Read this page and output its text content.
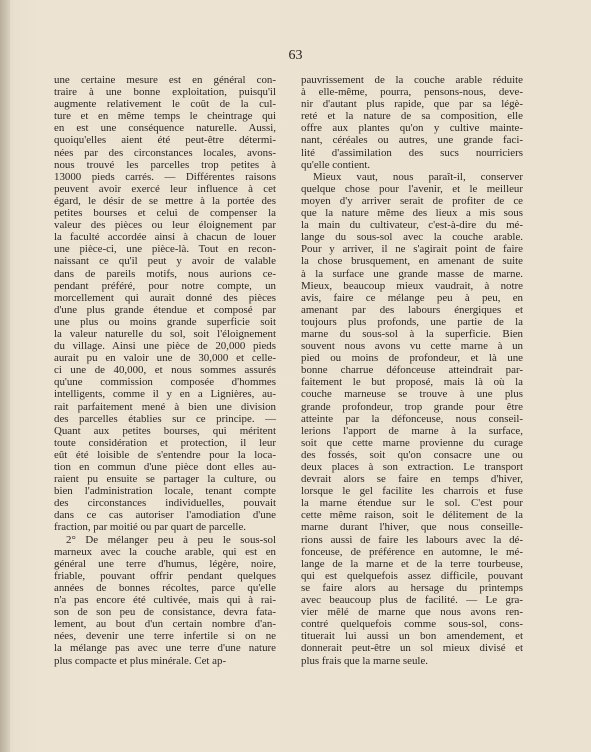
63
une certaine mesure est en général con-
traire à une bonne exploitation, puisqu'il
augmente relativement le coût de la cul-
ture et en même temps le cheintrage qui
en est une conséquence naturelle. Aussi,
quoiqu'elles aient été peut-être détermi-
nées par des circonstances locales, avons-
nous trouvé les parcelles trop petites à
13000 pieds carrés. — Différentes raisons
peuvent avoir exercé leur influence à cet
égard, le désir de se mettre à la portée des
petites bourses et celui de compenser la
valeur des pièces ou leur éloignement par
la faculté accordée ainsi à chacun de louer
une pièce-ci, une pièce-là. Tout en recon-
naissant ce qu'il peut y avoir de valable
dans de pareils motifs, nous aurions ce-
pendant préféré, pour notre compte, un
morcellement qui aurait donné des pièces
d'une plus grande étendue et composé par
une plus ou moins grande superficie soit
la valeur naturelle du sol, soit l'éloignement
du village. Ainsi une pièce de 20,000 pieds
aurait pu en valoir une de 30,000 et celle-
ci une de 40,000, et nous sommes assurés
qu'une commission composée d'hommes
intelligents, comme il y en a Lignières, au-
rait parfaitement mené à bien une division
des parcelles établies sur ce principe. —
Quant aux petites bourses, qui méritent
toute considération et protection, il leur
eût été loisible de s'entendre pour la loca-
tion en commun d'une pièce dont elles au-
raient pu ensuite se partager la culture, ou
bien l'administration locale, tenant compte
des circonstances individuelles, pouvait
dans ce cas autoriser l'amodiation d'une
fraction, par moitié ou par quart de parcelle.
2° De mélanger peu à peu le sous-sol
marneux avec la couche arable, qui est en
général une terre d'humus, légère, noire,
friable, pouvant offrir pendant quelques
années de bonnes récoltes, parce qu'elle
n'a pas encore été cultivée, mais qui à rai-
son de son peu de consistance, devra fata-
lement, au bout d'un certain nombre d'an-
nées, devenir une terre infertile si on ne
la mélange pas avec une terre d'une nature
plus compacte et plus minérale. Cet ap-
pauvrissement de la couche arable réduite
à elle-même, pourra, pensons-nous, deve-
nir d'autant plus rapide, que par sa légè-
reté et la nature de sa composition, elle
offre aux plantes qu'on y cultive mainte-
nant, céréales ou autres, une grande faci-
lité d'assimilation des sucs nourriciers
qu'elle contient.
Mieux vaut, nous paraît-il, conserver
quelque chose pour l'avenir, et le meilleur
moyen d'y arriver serait de profiter de ce
que la nature même des lieux a mis sous
la main du cultivateur, c'est-à-dire du mé-
lange du sous-sol avec la couche arable.
Pour y arriver, il ne s'agirait point de faire
la chose brusquement, en amenant de suite
à la surface une grande masse de marne.
Mieux, beaucoup mieux vaudrait, à notre
avis, faire ce mélange peu à peu, en
amenant par des labours énergiques et
toujours plus profonds, une partie de la
marne du sous-sol à la superficie. Bien
souvent nous avons vu cette marne à un
pied ou moins de profondeur, et là une
bonne charrue défonceuse atteindrait par-
faitement le but proposé, mais là où la
couche marneuse se trouve à une plus
grande profondeur, trop grande pour être
atteinte par la défonceuse, nous conseil-
lerions l'apport de marne à la surface,
soit que cette marne provienne du curage
des fossés, soit qu'on consacre une ou
deux places à son extraction. Le transport
devrait alors se faire en temps d'hiver,
lorsque le gel facilite les charrois et fuse
la marne étendue sur le sol. C'est pour
cette même raison, soit le délitement de la
marne durant l'hiver, que nous conseille-
rions aussi de faire les labours avec la dé-
fonceuse, de préférence en automne, le mé-
lange de la marne et de la terre tourbeuse,
qui est quelquefois assez difficile, pouvant
se faire alors au hersage du printemps
avec beaucoup plus de facilité. — Le gra-
vier mêlé de marne que nous avons ren-
contré quelquefois comme sous-sol, cons-
tituerait lui aussi un bon amendement, et
donnerait peut-être un sol mieux divisé et
plus frais que la marne seule.
